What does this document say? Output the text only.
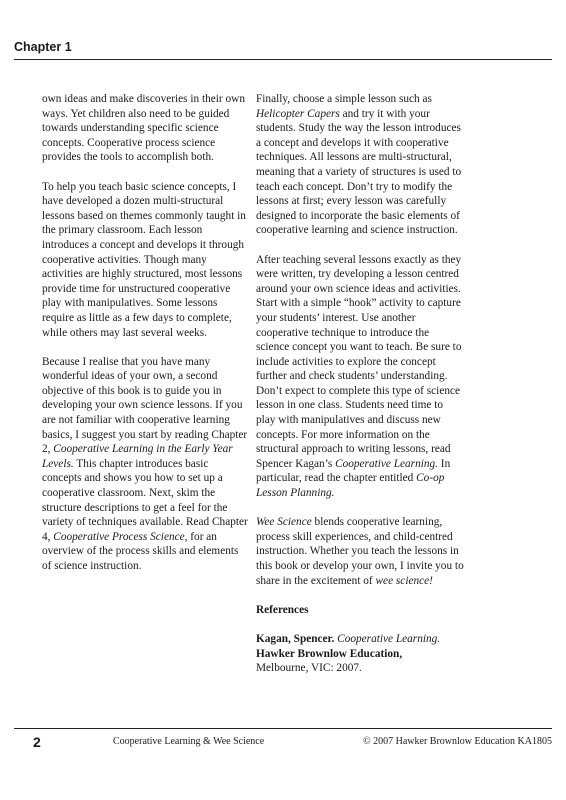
Chapter 1

own ideas and make discoveries in their own ways. Yet children also need to be guided towards understanding specific science concepts. Cooperative process science provides the tools to accomplish both.

To help you teach basic science concepts, I have developed a dozen multi-structural lessons based on themes commonly taught in the primary classroom. Each lesson introduces a concept and develops it through cooperative activities. Though many activities are highly structured, most lessons provide time for unstructured cooperative play with manipulatives. Some lessons require as little as a few days to complete, while others may last several weeks.

Because I realise that you have many wonderful ideas of your own, a second objective of this book is to guide you in developing your own science lessons. If you are not familiar with cooperative learning basics, I suggest you start by reading Chapter 2, Cooperative Learning in the Early Year Levels. This chapter introduces basic concepts and shows you how to set up a cooperative classroom. Next, skim the structure descriptions to get a feel for the variety of techniques available. Read Chapter 4, Cooperative Process Science, for an overview of the process skills and elements of science instruction.

Finally, choose a simple lesson such as Helicopter Capers and try it with your students. Study the way the lesson introduces a concept and develops it with cooperative techniques. All lessons are multi-structural, meaning that a variety of structures is used to teach each concept. Don’t try to modify the lessons at first; every lesson was carefully designed to incorporate the basic elements of cooperative learning and science instruction.

After teaching several lessons exactly as they were written, try developing a lesson centred around your own science ideas and activities. Start with a simple “hook” activity to capture your students’ interest. Use another cooperative technique to introduce the science concept you want to teach. Be sure to include activities to explore the concept further and check students’ understanding. Don’t expect to complete this type of science lesson in one class. Students need time to play with manipulatives and discuss new concepts. For more information on the structural approach to writing lessons, read Spencer Kagan’s Cooperative Learning. In particular, read the chapter entitled Co-op Lesson Planning.

Wee Science blends cooperative learning, process skill experiences, and child-centred instruction. Whether you teach the lessons in this book or develop your own, I invite you to share in the excitement of wee science!

References

Kagan, Spencer. Cooperative Learning.
Hawker Brownlow Education,
Melbourne, VIC: 2007.

2	Cooperative Learning & Wee Science	© 2007 Hawker Brownlow Education KA1805
